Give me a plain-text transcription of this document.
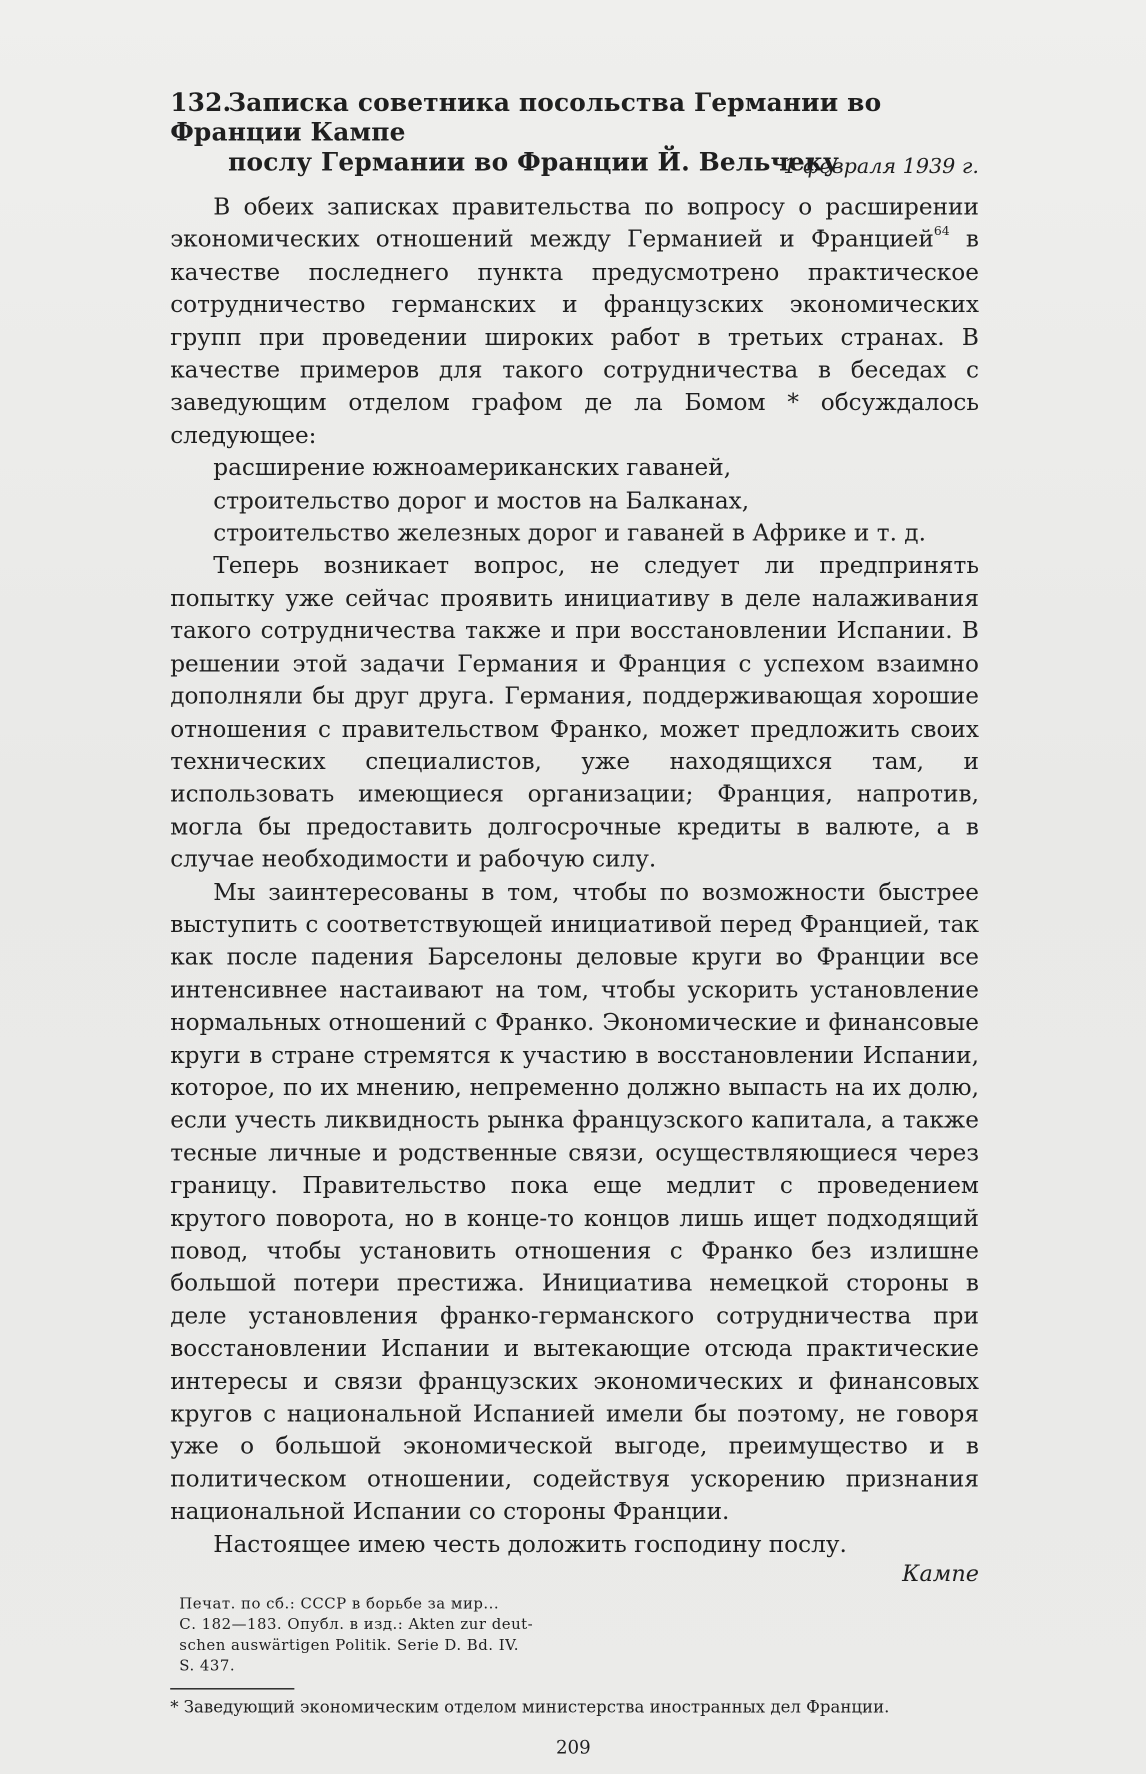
132.Записка советника посольства Германии во Франции Кампе
послу Германии во Франции Й. Вельчеку
1 февраля 1939 г.

В обеих записках правительства по вопросу о расширении экономических отношений между Германией и Францией$^{64}$ в качестве последнего пункта предусмотрено практическое сотрудничество германских и французских экономических групп при проведении широких работ в третьих странах. В качестве примеров для такого сотрудничества в беседах с заведующим отделом графом де ла Бомом * обсуждалось следующее:

расширение южноамериканских гаваней,

строительство дорог и мостов на Балканах,

строительство железных дорог и гаваней в Африке и т. д.

Теперь возникает вопрос, не следует ли предпринять попытку уже сейчас проявить инициативу в деле налаживания такого сотрудничества также и при восстановлении Испании. В решении этой задачи Германия и Франция с успехом взаимно дополняли бы друг друга. Германия, поддерживающая хорошие отношения с правительством Франко, может предложить своих технических специалистов, уже находящихся там, и использовать имеющиеся организации; Франция, напротив, могла бы предоставить долгосрочные кредиты в валюте, а в случае необходимости и рабочую силу.

Мы заинтересованы в том, чтобы по возможности быстрее выступить с соответствующей инициативой перед Францией, так как после падения Барселоны деловые круги во Франции все интенсивнее настаивают на том, чтобы ускорить установление нормальных отношений с Франко. Экономические и финансовые круги в стране стремятся к участию в восстановлении Испании, которое, по их мнению, непременно должно выпасть на их долю, если учесть ликвидность рынка французского капитала, а также тесные личные и родственные связи, осуществляющиеся через границу. Правительство пока еще медлит с проведением крутого поворота, но в конце-то концов лишь ищет подходящий повод, чтобы установить отношения с Франко без излишне большой потери престижа. Инициатива немецкой стороны в деле установления франко-германского сотрудничества при восстановлении Испании и вытекающие отсюда практические интересы и связи французских экономических и финансовых кругов с национальной Испанией имели бы поэтому, не говоря уже о большой экономической выгоде, преимущество и в политическом отношении, содействуя ускорению признания национальной Испании со стороны Франции.

Настоящее имею честь доложить господину послу.

Кампе
Печат. по сб.: СССР в борьбе за мир...
С. 182—183. Опубл. в изд.: Akten zur deut-
schen auswärtigen Politik. Serie D. Bd. IV.
S. 437.
* Заведующий экономическим отделом министерства иностранных дел Франции.
209
